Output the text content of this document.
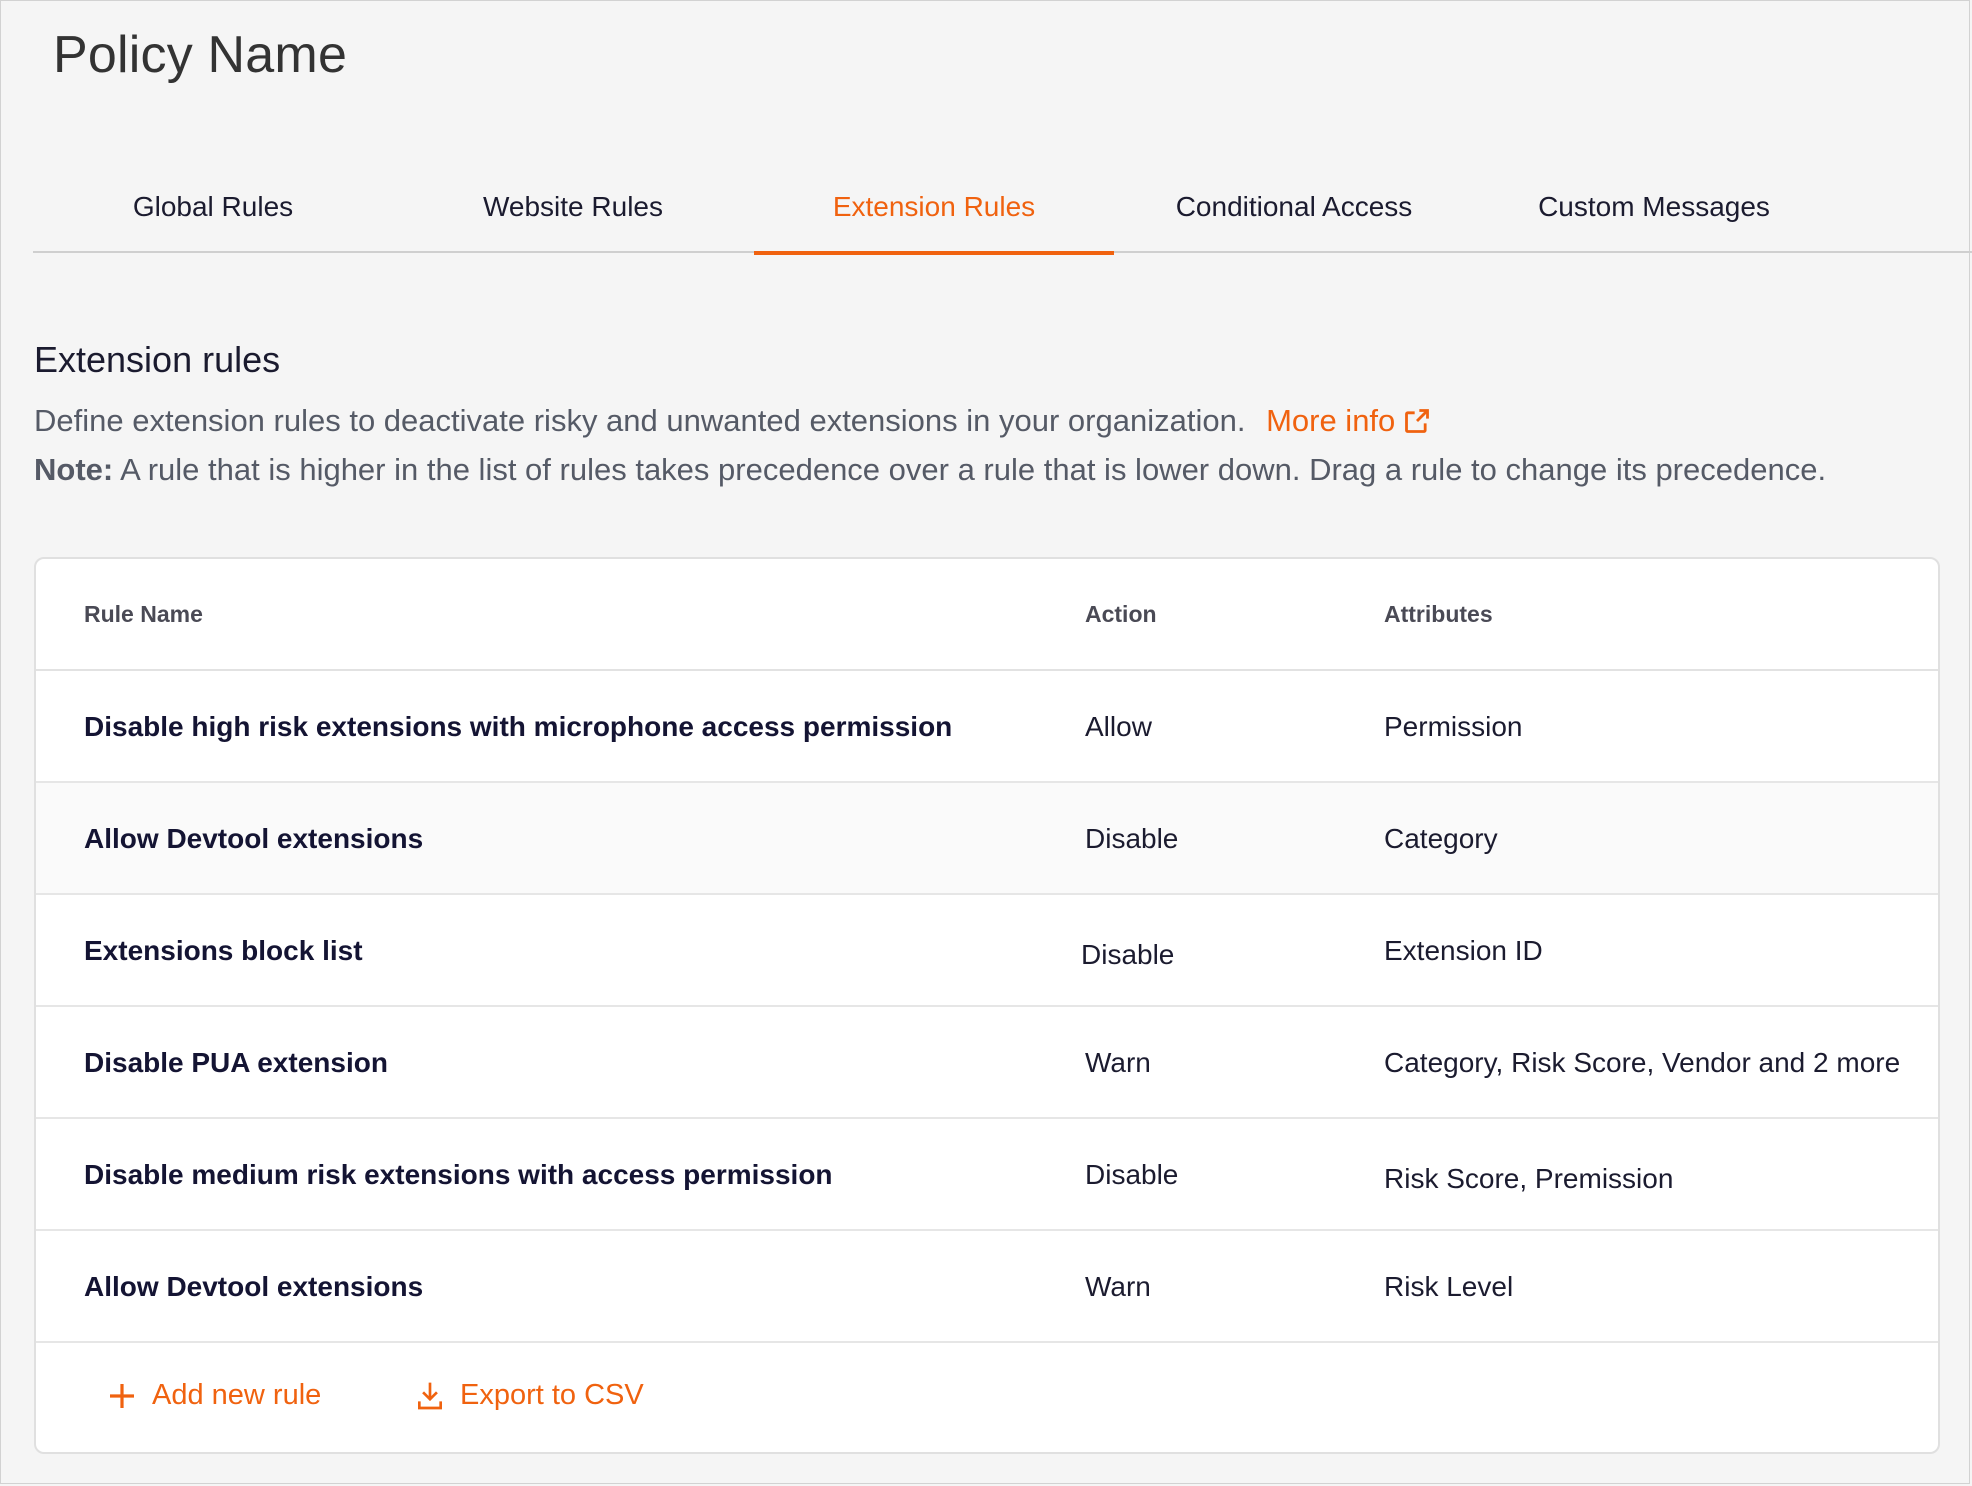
Policy Name
Global Rules	Website Rules	Extension Rules	Conditional Access	Custom Messages
Extension rules
Define extension rules to deactivate risky and unwanted extensions in your organization. More info
Note: A rule that is higher in the list of rules takes precedence over a rule that is lower down. Drag a rule to change its precedence.
Rule Name	Action	Attributes
Disable high risk extensions with microphone access permission	Allow	Permission
Allow Devtool extensions	Disable	Category
Extensions block list	Disable	Extension ID
Disable PUA extension	Warn	Category, Risk Score, Vendor and 2 more
Disable medium risk extensions with access permission	Disable	Risk Score, Premission
Allow Devtool extensions	Warn	Risk Level
Add new rule	Export to CSV
